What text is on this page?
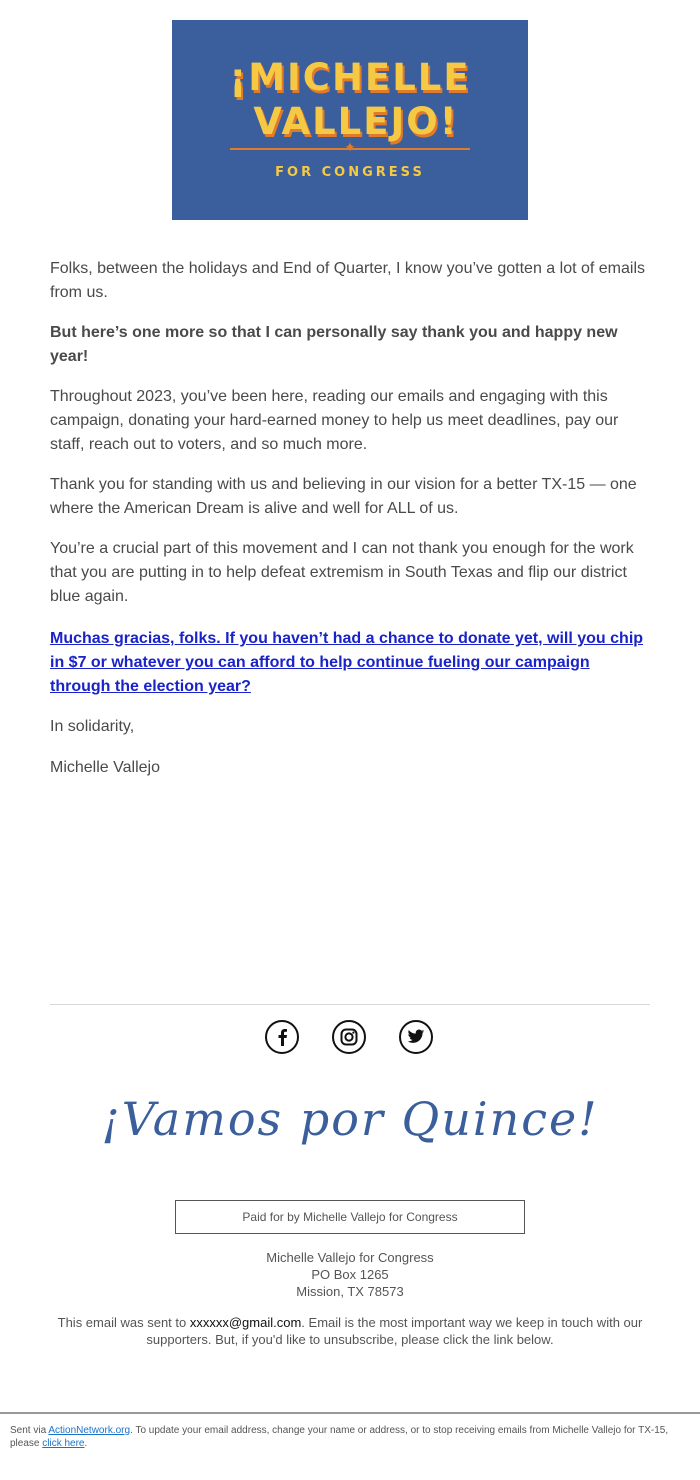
¡MICHELLE
VALLEJO!
✦
FOR CONGRESS

Folks, between the holidays and End of Quarter, I know you’ve gotten a lot of emails from us.

But here’s one more so that I can personally say thank you and happy new year!

Throughout 2023, you’ve been here, reading our emails and engaging with this campaign, donating your hard-earned money to help us meet deadlines, pay our staff, reach out to voters, and so much more.

Thank you for standing with us and believing in our vision for a better TX-15 — one where the American Dream is alive and well for ALL of us.

You’re a crucial part of this movement and I can not thank you enough for the work that you are putting in to help defeat extremism in South Texas and flip our district blue again.

Muchas gracias, folks. If you haven’t had a chance to donate yet, will you chip in $7 or whatever you can afford to help continue fueling our campaign through the election year?

In solidarity,

Michelle Vallejo

¡Vamos por Quince!
Paid for by Michelle Vallejo for Congress
Michelle Vallejo for Congress
PO Box 1265
Mission, TX 78573
This email was sent to xxxxxx@gmail.com. Email is the most important way we keep in touch with our supporters. But, if you'd like to unsubscribe, please click the link below.
Sent via ActionNetwork.org. To update your email address, change your name or address, or to stop receiving emails from Michelle Vallejo for TX-15, please click here.
